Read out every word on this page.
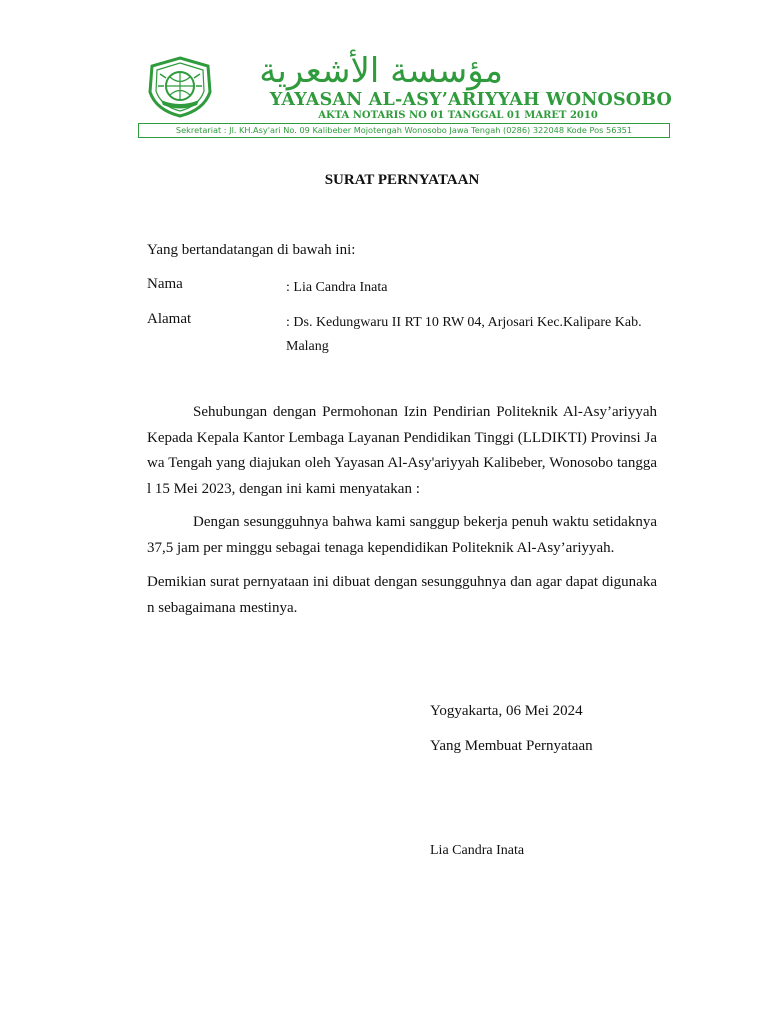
مؤسسة الأشعرية
YAYASAN AL-ASY’ARIYYAH WONOSOBO
AKTA NOTARIS NO 01 TANGGAL 01 MARET 2010
Sekretariat : Jl. KH.Asy'ari No. 09 Kalibeber Mojotengah Wonosobo Jawa Tengah (0286) 322048 Kode Pos 56351
SURAT PERNYATAAN
Yang bertandatangan di bawah ini:
Nama	: Lia Candra Inata
Alamat	: Ds. Kedungwaru II RT 10 RW 04, Arjosari Kec.Kalipare Kab. Malang

Sehubungan dengan Permohonan Izin Pendirian Politeknik Al-Asy’ariyyah Kepada Kepala Kantor Lembaga Layanan Pendidikan Tinggi (LLDIKTI) Provinsi Jawa Tengah yang diajukan oleh Yayasan Al-Asy'ariyyah Kalibeber, Wonosobo tanggal 15 Mei 2023, dengan ini kami menyatakan :

Dengan sesungguhnya bahwa kami sanggup bekerja penuh waktu setidaknya 37,5 jam per minggu sebagai tenaga kependidikan Politeknik Al-Asy’ariyyah.

Demikian surat pernyataan ini dibuat dengan sesungguhnya dan agar dapat digunakan sebagaimana mestinya.

Yogyakarta, 06 Mei 2024
Yang Membuat Pernyataan
Lia Candra Inata
